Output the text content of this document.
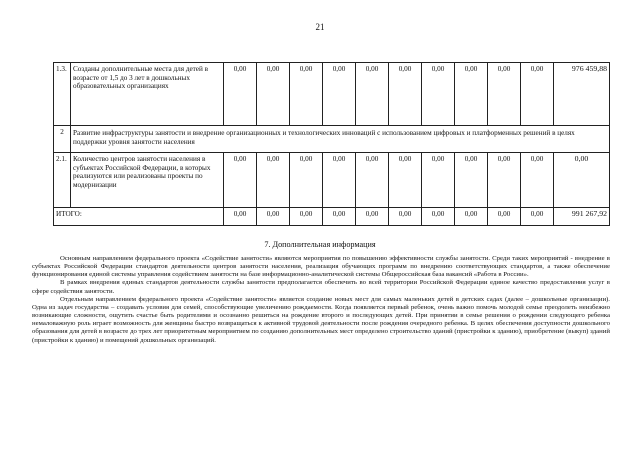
21
1.3.	Созданы дополнительные места для детей в возрасте от 1,5 до 3 лет в дошкольных образовательных организациях	0,00	0,00	0,00	0,00	0,00	0,00	0,00	0,00	0,00	0,00	976 459,88
2	Развитие инфраструктуры занятости и внедрение организационных и технологических инноваций с использованием цифровых и платформенных решений в целях поддержки уровня занятости населения											
2.1.	Количество центров занятости населения в субъектах Российской Федерации, в которых реализуются или реализованы проекты по модернизации	0,00	0,00	0,00	0,00	0,00	0,00	0,00	0,00	0,00	0,00	0,00
ИТОГО:		0,00	0,00	0,00	0,00	0,00	0,00	0,00	0,00	0,00	0,00	991 267,92
7. Дополнительная информация

Основным направлением федерального проекта «Содействие занятости» являются мероприятия по повышению эффективности службы занятости. Среди таких мероприятий - внедрение в субъектах Российской Федерации стандартов деятельности центров занятости населения, реализация обучающих программ по внедрению соответствующих стандартов, а также обеспечение функционирования единой системы управления содействием занятости на базе информационно-аналитической системы Общероссийская база вакансий «Работа в России».

В рамках внедрения единых стандартов деятельности службы занятости предполагается обеспечить во всей территории Российской Федерации единое качество предоставления услуг в сфере содействия занятости.

Отдельным направлением федерального проекта «Содействие занятости» является создание новых мест для самых маленьких детей в детских садах (далее – дошкольные организации). Одна из задач государства – создавать условия для семей, способствующие увеличению рождаемости. Когда появляется первый ребенок, очень важно помочь молодой семье преодолеть неизбежно возникающие сложности, ощутить счастье быть родителями и осознанно решиться на рождение второго и последующих детей. При принятии в семье решения о рождении следующего ребенка немаловажную роль играет возможность для женщины быстро возвращаться к активной трудовой деятельности после рождения очередного ребенка. В целях обеспечения доступности дошкольного образования для детей в возрасте до трех лет приоритетным мероприятием по созданию дополнительных мест определено строительство зданий (пристройки к зданию), приобретение (выкуп) зданий (пристройки к зданию) и помещений дошкольных организаций.
